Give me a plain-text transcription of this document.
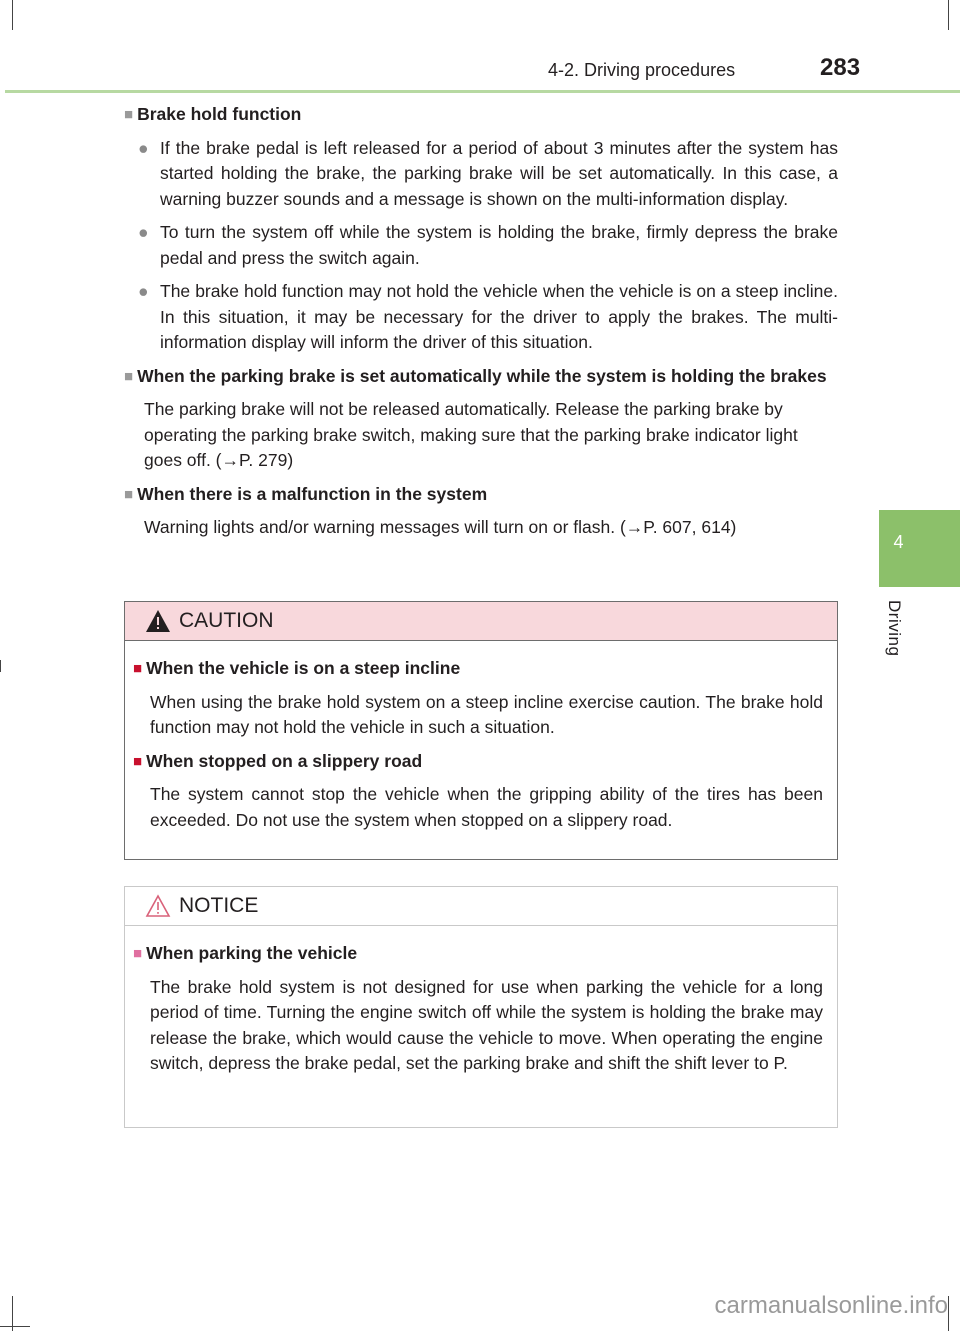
4-2. Driving procedures	283
4
Driving
■ Brake hold function
● If the brake pedal is left released for a period of about 3 minutes after the system has started holding the brake, the parking brake will be set automatically. In this case, a warning buzzer sounds and a message is shown on the multi-information display.
● To turn the system off while the system is holding the brake, firmly depress the brake pedal and press the switch again.
● The brake hold function may not hold the vehicle when the vehicle is on a steep incline. In this situation, it may be necessary for the driver to apply the brakes. The multi-information display will inform the driver of this situation.
■ When the parking brake is set automatically while the system is holding the brakes
The parking brake will not be released automatically. Release the parking brake by operating the parking brake switch, making sure that the parking brake indicator light goes off. (→P. 279)
■ When there is a malfunction in the system
Warning lights and/or warning messages will turn on or flash. (→P. 607, 614)
CAUTION
■ When the vehicle is on a steep incline
When using the brake hold system on a steep incline exercise caution. The brake hold function may not hold the vehicle in such a situation.
■ When stopped on a slippery road
The system cannot stop the vehicle when the gripping ability of the tires has been exceeded. Do not use the system when stopped on a slippery road.
NOTICE
■ When parking the vehicle
The brake hold system is not designed for use when parking the vehicle for a long period of time. Turning the engine switch off while the system is holding the brake may release the brake, which would cause the vehicle to move. When operating the engine switch, depress the brake pedal, set the parking brake and shift the shift lever to P.
carmanualsonline.info
